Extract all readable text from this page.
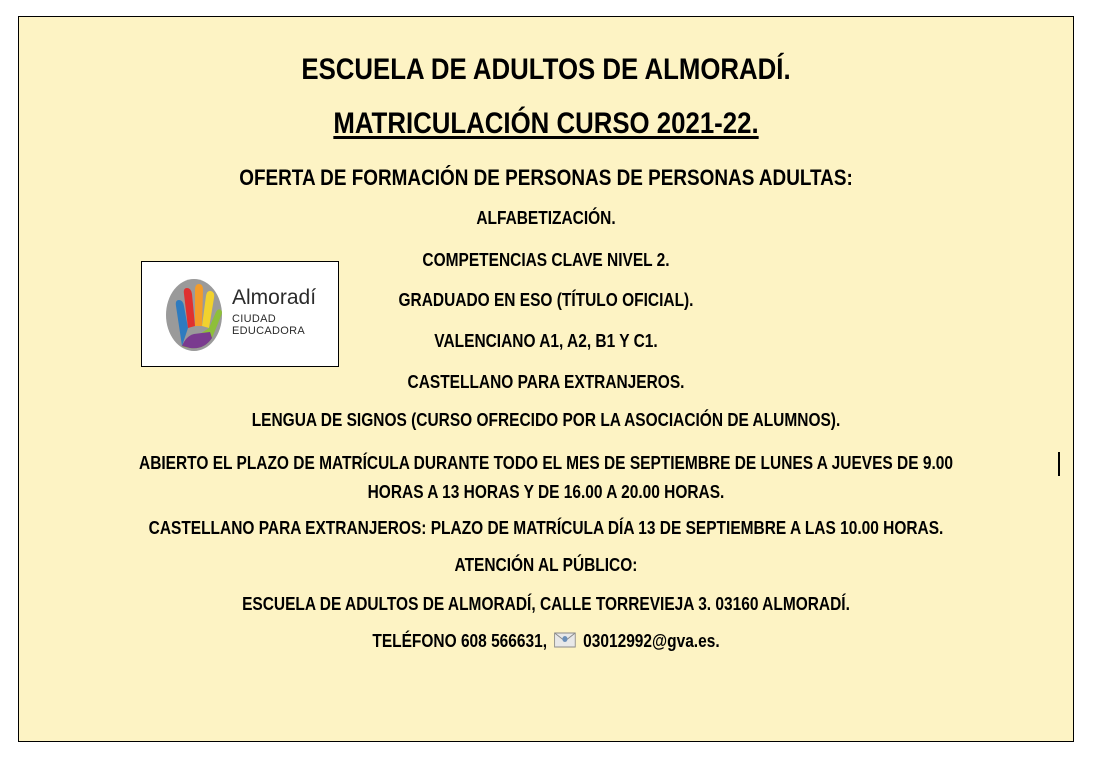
ESCUELA DE ADULTOS DE ALMORADÍ.
MATRICULACIÓN CURSO 2021-22.
OFERTA DE FORMACIÓN DE PERSONAS DE PERSONAS ADULTAS:
ALFABETIZACIÓN.
COMPETENCIAS CLAVE NIVEL 2.
GRADUADO EN ESO (TÍTULO OFICIAL).
VALENCIANO A1, A2, B1 Y C1.
CASTELLANO PARA EXTRANJEROS.
LENGUA DE SIGNOS (CURSO OFRECIDO POR LA ASOCIACIÓN DE ALUMNOS).
ABIERTO EL PLAZO DE MATRÍCULA DURANTE TODO EL MES DE SEPTIEMBRE DE LUNES A JUEVES DE 9.00
HORAS A 13 HORAS Y DE 16.00 A 20.00 HORAS.
CASTELLANO PARA EXTRANJEROS: PLAZO DE MATRÍCULA DÍA 13 DE SEPTIEMBRE A LAS 10.00 HORAS.
ATENCIÓN AL PÚBLICO:
ESCUELA DE ADULTOS DE ALMORADÍ, CALLE TORREVIEJA 3. 03160 ALMORADÍ.
TELÉFONO 608 566631, 03012992@gva.es.
Almoradí
CIUDAD
EDUCADORA
